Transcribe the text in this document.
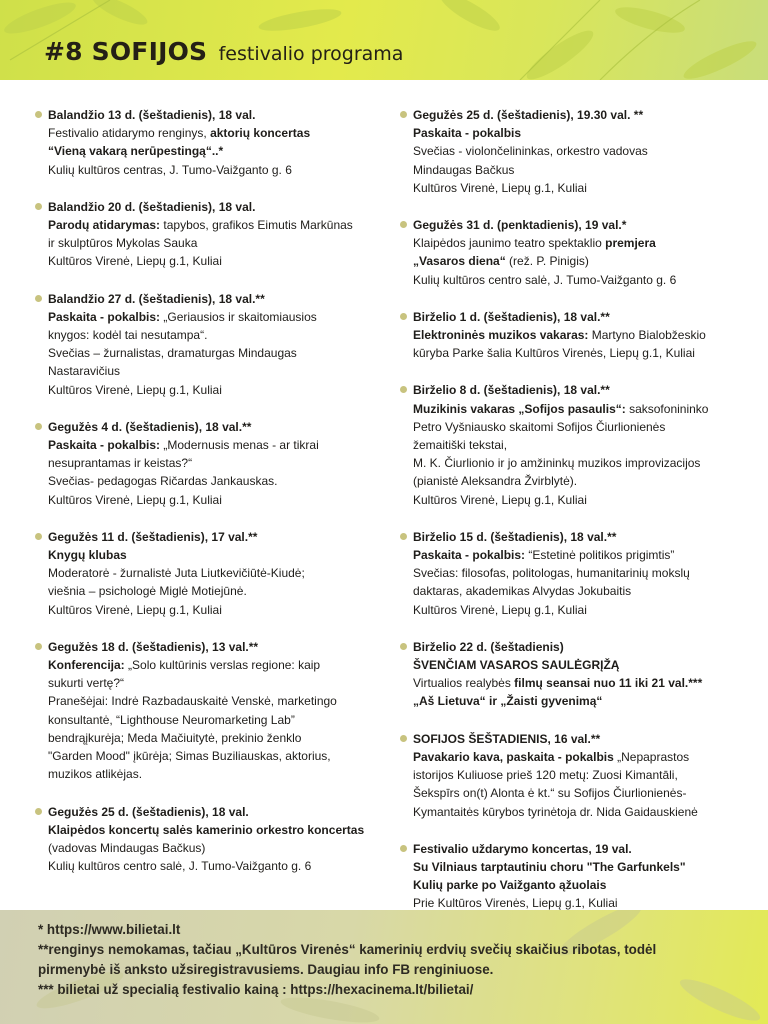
#8 SOFIJOS festivalio programa
Balandžio 13 d. (šeštadienis), 18 val.
Festivalio atidarymo renginys, aktorių koncertas
“Vieną vakarą nerūpestingą“..*
Kulių kultūros centras, J. Tumo-Vaižganto g. 6
Balandžio 20 d. (šeštadienis), 18 val.
Parodų atidarymas: tapybos, grafikos Eimutis Markūnas
ir skulptūros Mykolas Sauka
Kultūros Virenė, Liepų g.1, Kuliai
Balandžio 27 d. (šeštadienis), 18 val.**
Paskaita - pokalbis: „Geriausios ir skaitomiausios
knygos: kodėl tai nesutampa“.
Svečias – žurnalistas, dramaturgas Mindaugas
Nastaravičius
Kultūros Virenė, Liepų g.1, Kuliai
Gegužės 4 d. (šeštadienis), 18 val.**
Paskaita - pokalbis: „Modernusis menas - ar tikrai
nesuprantamas ir keistas?“
Svečias- pedagogas Ričardas Jankauskas.
Kultūros Virenė, Liepų g.1, Kuliai
Gegužės 11 d. (šeštadienis), 17 val.**
Knygų klubas
Moderatorė - žurnalistė Juta Liutkevičiūtė-Kiudė;
viešnia – psichologė Miglė Motiejūnė.
Kultūros Virenė, Liepų g.1, Kuliai
Gegužės 18 d. (šeštadienis), 13 val.**
Konferencija: „Solo kultūrinis verslas regione: kaip
sukurti vertę?“
Pranešėjai: Indrė Razbadauskaitė Venskė, marketingo
konsultantė, “Lighthouse Neuromarketing Lab”
bendrąįkurėja; Meda Mačiuitytė, prekinio ženklo
"Garden Mood" įkūrėja; Simas Buziliauskas, aktorius,
muzikos atlikėjas.
Gegužės 25 d. (šeštadienis), 18 val.
Klaipėdos koncertų salės kamerinio orkestro koncertas
(vadovas Mindaugas Bačkus)
Kulių kultūros centro salė, J. Tumo-Vaižganto g. 6
Gegužės 25 d. (šeštadienis), 19.30 val. **
Paskaita - pokalbis
Svečias - violončelininkas, orkestro vadovas
Mindaugas Bačkus
Kultūros Virenė, Liepų g.1, Kuliai
Gegužės 31 d. (penktadienis), 19 val.*
Klaipėdos jaunimo teatro spektaklio premjera
„Vasaros diena“ (rež. P. Pinigis)
Kulių kultūros centro salė, J. Tumo-Vaižganto g. 6
Birželio 1 d. (šeštadienis), 18 val.**
Elektroninės muzikos vakaras: Martyno Bialobžeskio
kūryba Parke šalia Kultūros Virenės, Liepų g.1, Kuliai
Birželio 8 d. (šeštadienis), 18 val.**
Muzikinis vakaras „Sofijos pasaulis“: saksofonininko
Petro Vyšniausko skaitomi Sofijos Čiurlionienės
žemaitiški tekstai,
M. K. Čiurlionio ir jo amžininkų muzikos improvizacijos
(pianistė Aleksandra Žvirblytė).
Kultūros Virenė, Liepų g.1, Kuliai
Birželio 15 d. (šeštadienis), 18 val.**
Paskaita - pokalbis: “Estetinė politikos prigimtis”
Svečias: filosofas, politologas, humanitarinių mokslų
daktaras, akademikas Alvydas Jokubaitis
Kultūros Virenė, Liepų g.1, Kuliai
Birželio 22 d. (šeštadienis)
ŠVENČIAM VASAROS SAULĖGRĮŽĄ
Virtualios realybės filmų seansai nuo 11 iki 21 val.***
„Aš Lietuva“ ir „Žaisti gyvenimą“
SOFIJOS ŠEŠTADIENIS, 16 val.**
Pavakario kava, paskaita - pokalbis „Nepaprastos
istorijos Kuliuose prieš 120 metų: Zuosi Kimantāli,
Šekspīrs on(t) Alonta ė kt.“ su Sofijos Čiurlionienės-
Kymantaitės kūrybos tyrinėtoja dr. Nida Gaidauskienė
Festivalio uždarymo koncertas, 19 val.
Su Vilniaus tarptautiniu choru "The Garfunkels"
Kulių parke po Vaižganto ąžuolais
Prie Kultūros Virenės, Liepų g.1, Kuliai
* https://www.bilietai.lt
**renginys nemokamas, tačiau „Kultūros Virenės“ kamerinių erdvių svečių skaičius ribotas, todėl
pirmenybė iš anksto užsiregistravusiems. Daugiau info FB renginiuose.
*** bilietai už specialią festivalio kainą : https://hexacinema.lt/bilietai/
